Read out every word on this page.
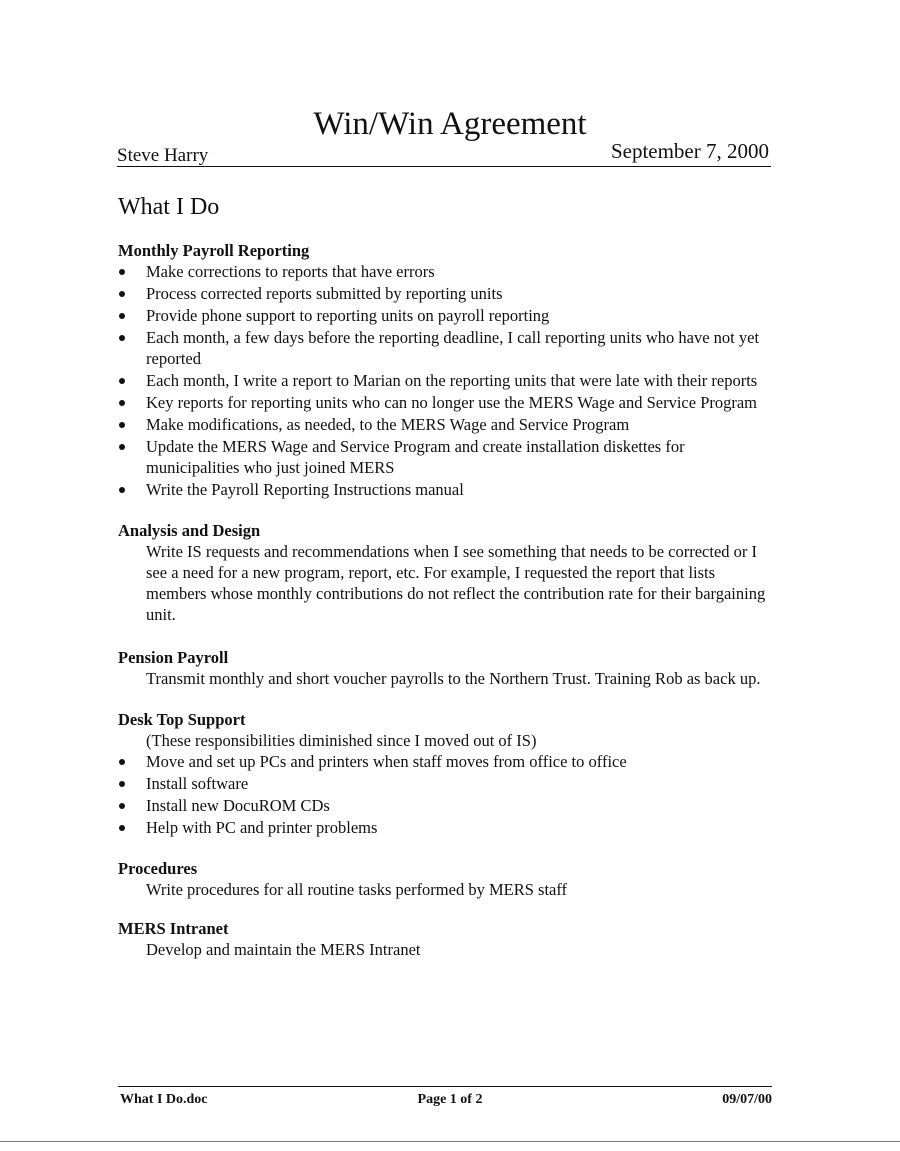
Win/Win Agreement
Steve Harry	September 7, 2000
What I Do
Monthly Payroll Reporting
Make corrections to reports that have errors
Process corrected reports submitted by reporting units
Provide phone support to reporting units on payroll reporting
Each month, a few days before the reporting deadline, I call reporting units who have not yet reported
Each month, I write a report to Marian on the reporting units that were late with their reports
Key reports for reporting units who can no longer use the MERS Wage and Service Program
Make modifications, as needed, to the MERS Wage and Service Program
Update the MERS Wage and Service Program and create installation diskettes for municipalities who just joined MERS
Write the Payroll Reporting Instructions manual
Analysis and Design

Write IS requests and recommendations when I see something that needs to be corrected or I see a need for a new program, report, etc. For example, I requested the report that lists members whose monthly contributions do not reflect the contribution rate for their bargaining unit.

Pension Payroll

Transmit monthly and short voucher payrolls to the Northern Trust. Training Rob as back up.

Desk Top Support

(These responsibilities diminished since I moved out of IS)

Move and set up PCs and printers when staff moves from office to office
Install software
Install new DocuROM CDs
Help with PC and printer problems
Procedures

Write procedures for all routine tasks performed by MERS staff

MERS Intranet

Develop and maintain the MERS Intranet

What I Do.doc	Page 1 of 2	09/07/00
